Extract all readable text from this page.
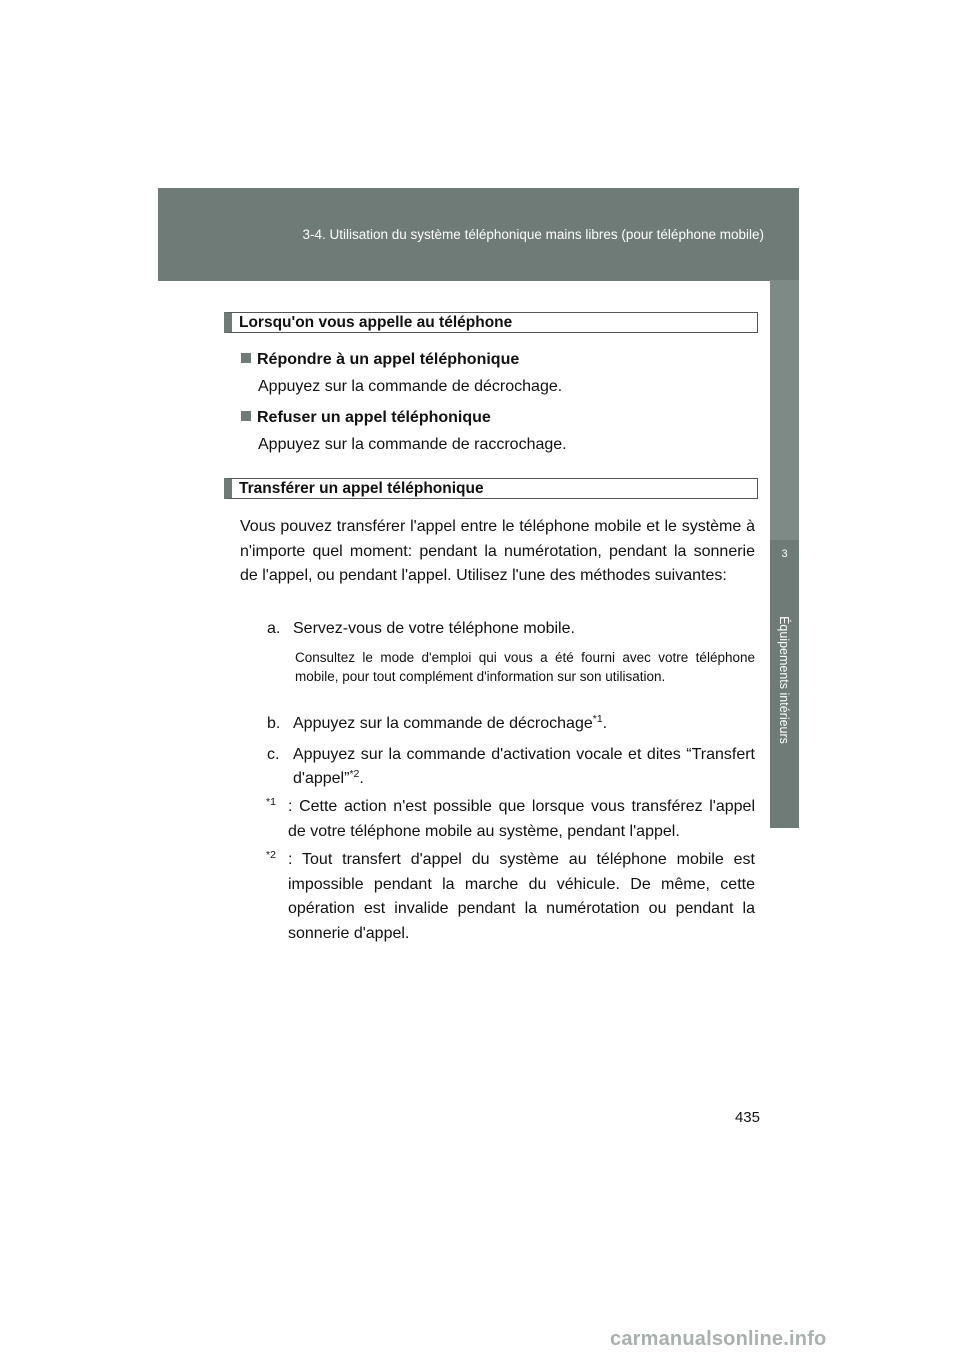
3-4. Utilisation du système téléphonique mains libres (pour téléphone mobile)
3
Équipements intérieurs
Lorsqu'on vous appelle au téléphone
Répondre à un appel téléphonique
Appuyez sur la commande de décrochage.
Refuser un appel téléphonique
Appuyez sur la commande de raccrochage.
Transférer un appel téléphonique
Vous pouvez transférer l'appel entre le téléphone mobile et le système à n'importe quel moment: pendant la numérotation, pendant la sonnerie de l'appel, ou pendant l'appel. Utilisez l'une des méthodes suivantes:
a. Servez-vous de votre téléphone mobile.
Consultez le mode d'emploi qui vous a été fourni avec votre téléphone mobile, pour tout complément d'information sur son utilisation.
b. Appuyez sur la commande de décrochage$^{*1}$.
c. Appuyez sur la commande d'activation vocale et dites “Transfert d'appel”$^{*2}$.
$^{*1}$ : Cette action n'est possible que lorsque vous transférez l'appel de votre téléphone mobile au système, pendant l'appel.
$^{*2}$ : Tout transfert d'appel du système au téléphone mobile est impossible pendant la marche du véhicule. De même, cette opération est invalide pendant la numérotation ou pendant la sonnerie d'appel.
435
carmanualsonline.info
